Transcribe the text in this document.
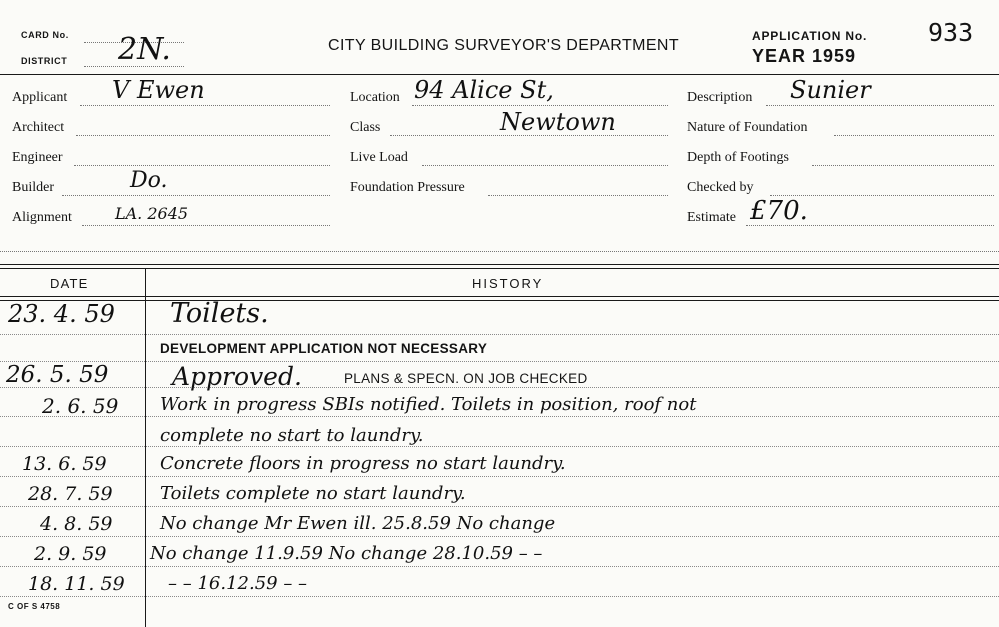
CARD No.
DISTRICT 2N.	CITY BUILDING SURVEYOR'S DEPARTMENT
APPLICATION No. 933
YEAR 1959
Applicant V Ewen
Architect
Engineer
Builder	Do.
Alignment	LA. 2645
Location 94 Alice St,
Class	Newtown
Live Load
Foundation Pressure
Description Sunier
Nature of Foundation
Depth of Footings
Checked by
Estimate £70.
DATE	HISTORY
23. 4. 59 Toilets.
DEVELOPMENT APPLICATION NOT NECESSARY
26. 5. 59	Approved.	PLANS & SPECN. ON JOB CHECKED
2. 6. 59 Work in progress SBIs notified. Toilets in position, roof not
complete no start to laundry.
13. 6. 59	Concrete floors in progress no start laundry.
28. 7. 59	Toilets complete no start laundry.
4. 8. 59	No change Mr Ewen ill. 25.8.59 No change
2. 9. 59 No change 11.9.59 No change 28.10.59 – –
18. 11. 59 – – 16.12.59 – –
C OF S 4758
